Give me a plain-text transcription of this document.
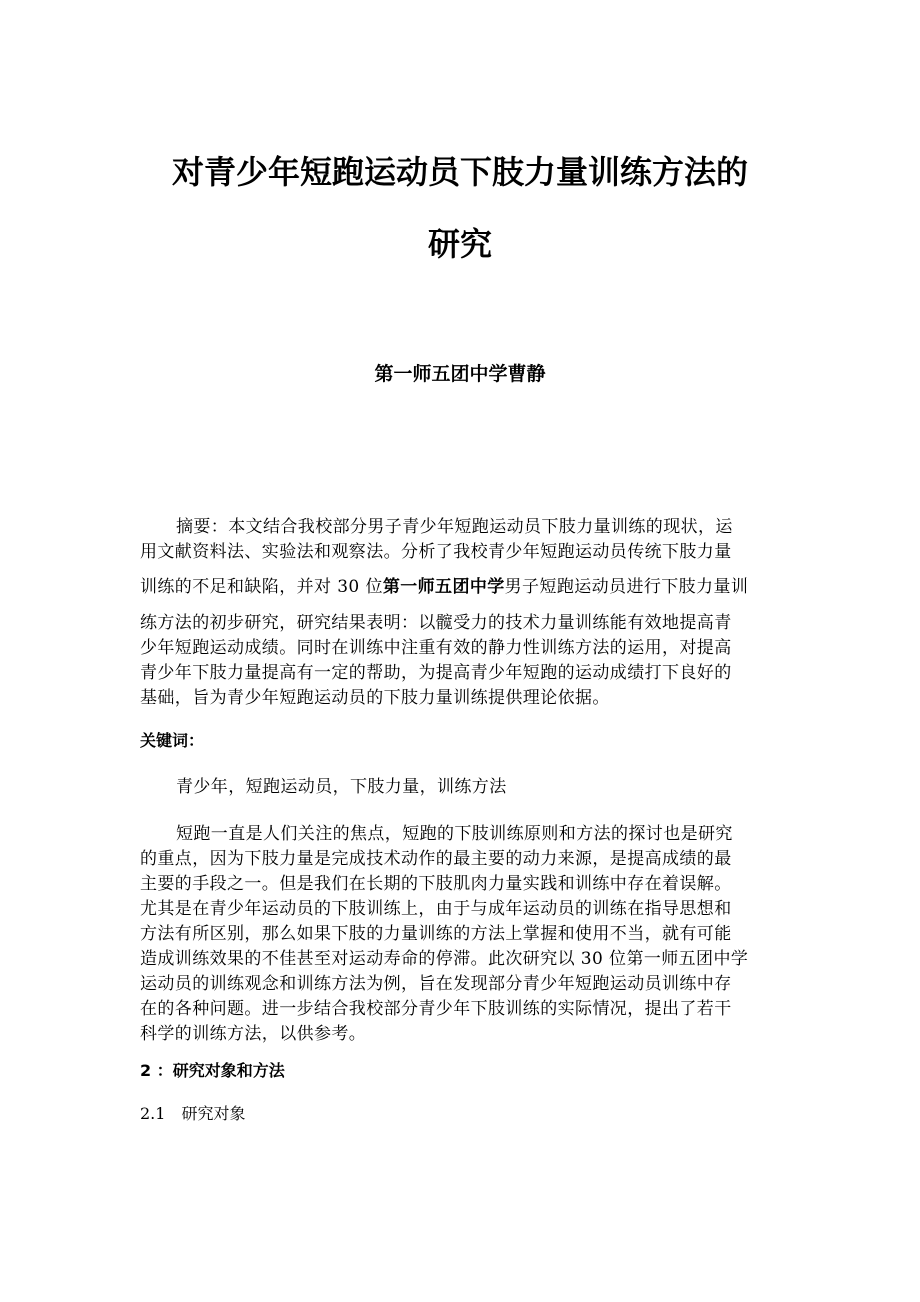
对青少年短跑运动员下肢力量训练方法的
研究

第一师五团中学曹静

摘要：本文结合我校部分男子青少年短跑运动员下肢力量训练的现状，运
用文献资料法、实验法和观察法。分析了我校青少年短跑运动员传统下肢力量
训练的不足和缺陷，并对 30 位第一师五团中学男子短跑运动员进行下肢力量训
练方法的初步研究，研究结果表明：以髋受力的技术力量训练能有效地提高青
少年短跑运动成绩。同时在训练中注重有效的静力性训练方法的运用，对提高
青少年下肢力量提高有一定的帮助，为提高青少年短跑的运动成绩打下良好的
基础，旨为青少年短跑运动员的下肢力量训练提供理论依据。

关键词：

青少年，短跑运动员，下肢力量，训练方法
短跑一直是人们关注的焦点，短跑的下肢训练原则和方法的探讨也是研究
的重点，因为下肢力量是完成技术动作的最主要的动力来源，是提高成绩的最
主要的手段之一。但是我们在长期的下肢肌肉力量实践和训练中存在着误解。
尤其是在青少年运动员的下肢训练上，由于与成年运动员的训练在指导思想和
方法有所区别，那么如果下肢的力量训练的方法上掌握和使用不当，就有可能
造成训练效果的不佳甚至对运动寿命的停滞。此次研究以 30 位第一师五团中学
运动员的训练观念和训练方法为例，旨在发现部分青少年短跑运动员训练中存
在的各种问题。进一步结合我校部分青少年下肢训练的实际情况，提出了若干
科学的训练方法，以供参考。

2 ：研究对象和方法

2.1　研究对象
